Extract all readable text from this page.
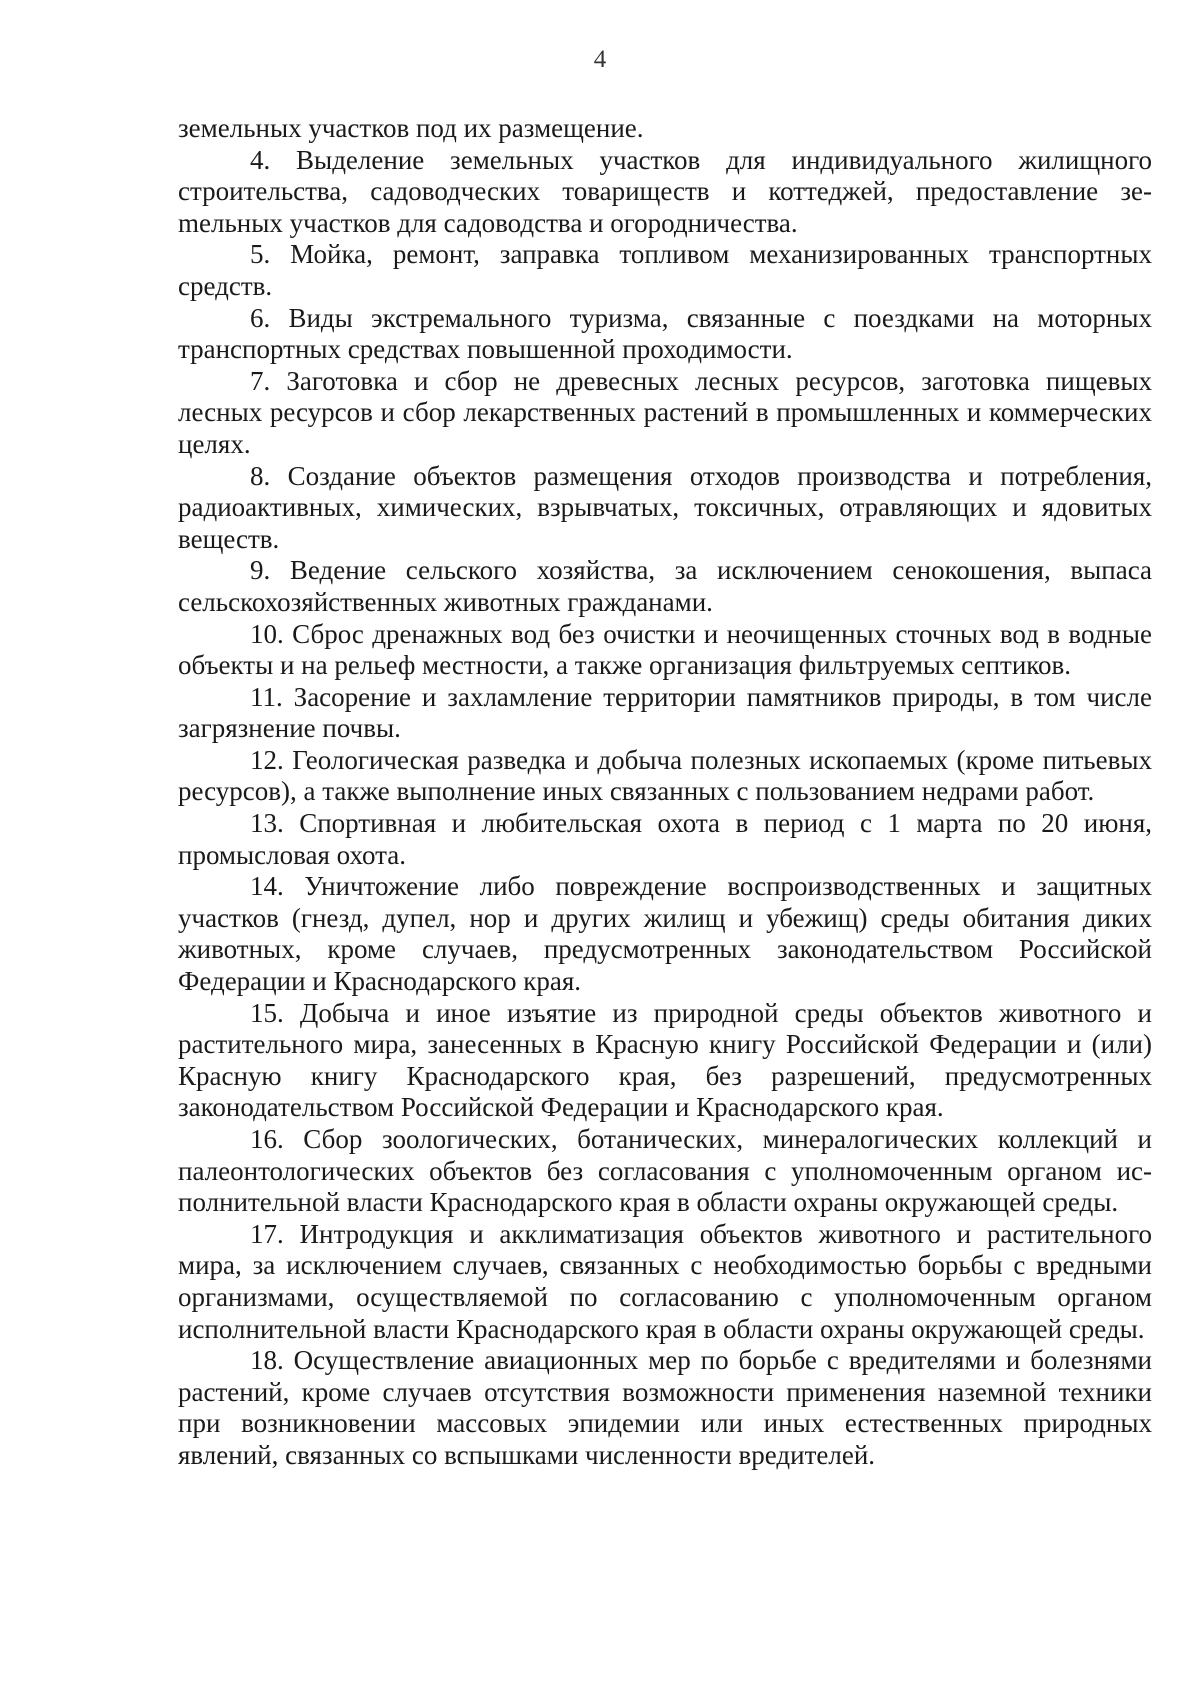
4

земельных участков под их размещение.

4. Выделение земельных участков для индивидуального жилищного строительства, садоводческих товариществ и коттеджей, предоставление зеmельных участков для садоводства и огородничества.

5. Мойка, ремонт, заправка топливом механизированных транспортных средств.

6. Виды экстремального туризма, связанные с поездками на моторных транспортных средствах повышенной проходимости.

7. Заготовка и сбор не древесных лесных ресурсов, заготовка пищевых лесных ресурсов и сбор лекарственных растений в промышленных и коммерческих целях.

8. Создание объектов размещения отходов производства и потребления, радиоактивных, химических, взрывчатых, токсичных, отравляющих и ядовитых веществ.

9. Ведение сельского хозяйства, за исключением сенокошения, выпаса сельскохозяйственных животных гражданами.

10. Сброс дренажных вод без очистки и неочищенных сточных вод в водные объекты и на рельеф местности, а также организация фильтруемых септиков.

11. Засорение и захламление территории памятников природы, в том числе загрязнение почвы.

12. Геологическая разведка и добыча полезных ископаемых (кроме питьевых ресурсов), а также выполнение иных связанных с пользованием недрами работ.

13. Спортивная и любительская охота в период с 1 марта по 20 июня, промысловая охота.

14. Уничтожение либо повреждение воспроизводственных и защитных участков (гнезд, дупел, нор и других жилищ и убежищ) среды обитания диких животных, кроме случаев, предусмотренных законодательством Российской Федерации и Краснодарского края.

15. Добыча и иное изъятие из природной среды объектов животного и растительного мира, занесенных в Красную книгу Российской Федерации и (или) Красную книгу Краснодарского края, без разрешений, предусмотренных законодательством Российской Федерации и Краснодарского края.

16. Сбор зоологических, ботанических, минералогических коллекций и палеонтологических объектов без согласования с уполномоченным органом исполнительной власти Краснодарского края в области охраны окружающей среды.

17. Интродукция и акклиматизация объектов животного и растительного мира, за исключением случаев, связанных с необходимостью борьбы с вредными организмами, осуществляемой по согласованию с уполномоченным органом исполнительной власти Краснодарского края в области охраны окружающей среды.

18. Осуществление авиационных мер по борьбе с вредителями и болезнями растений, кроме случаев отсутствия возможности применения наземной техники при возникновении массовых эпидемии или иных естественных природных явлений, связанных со вспышками численности вредителей.
